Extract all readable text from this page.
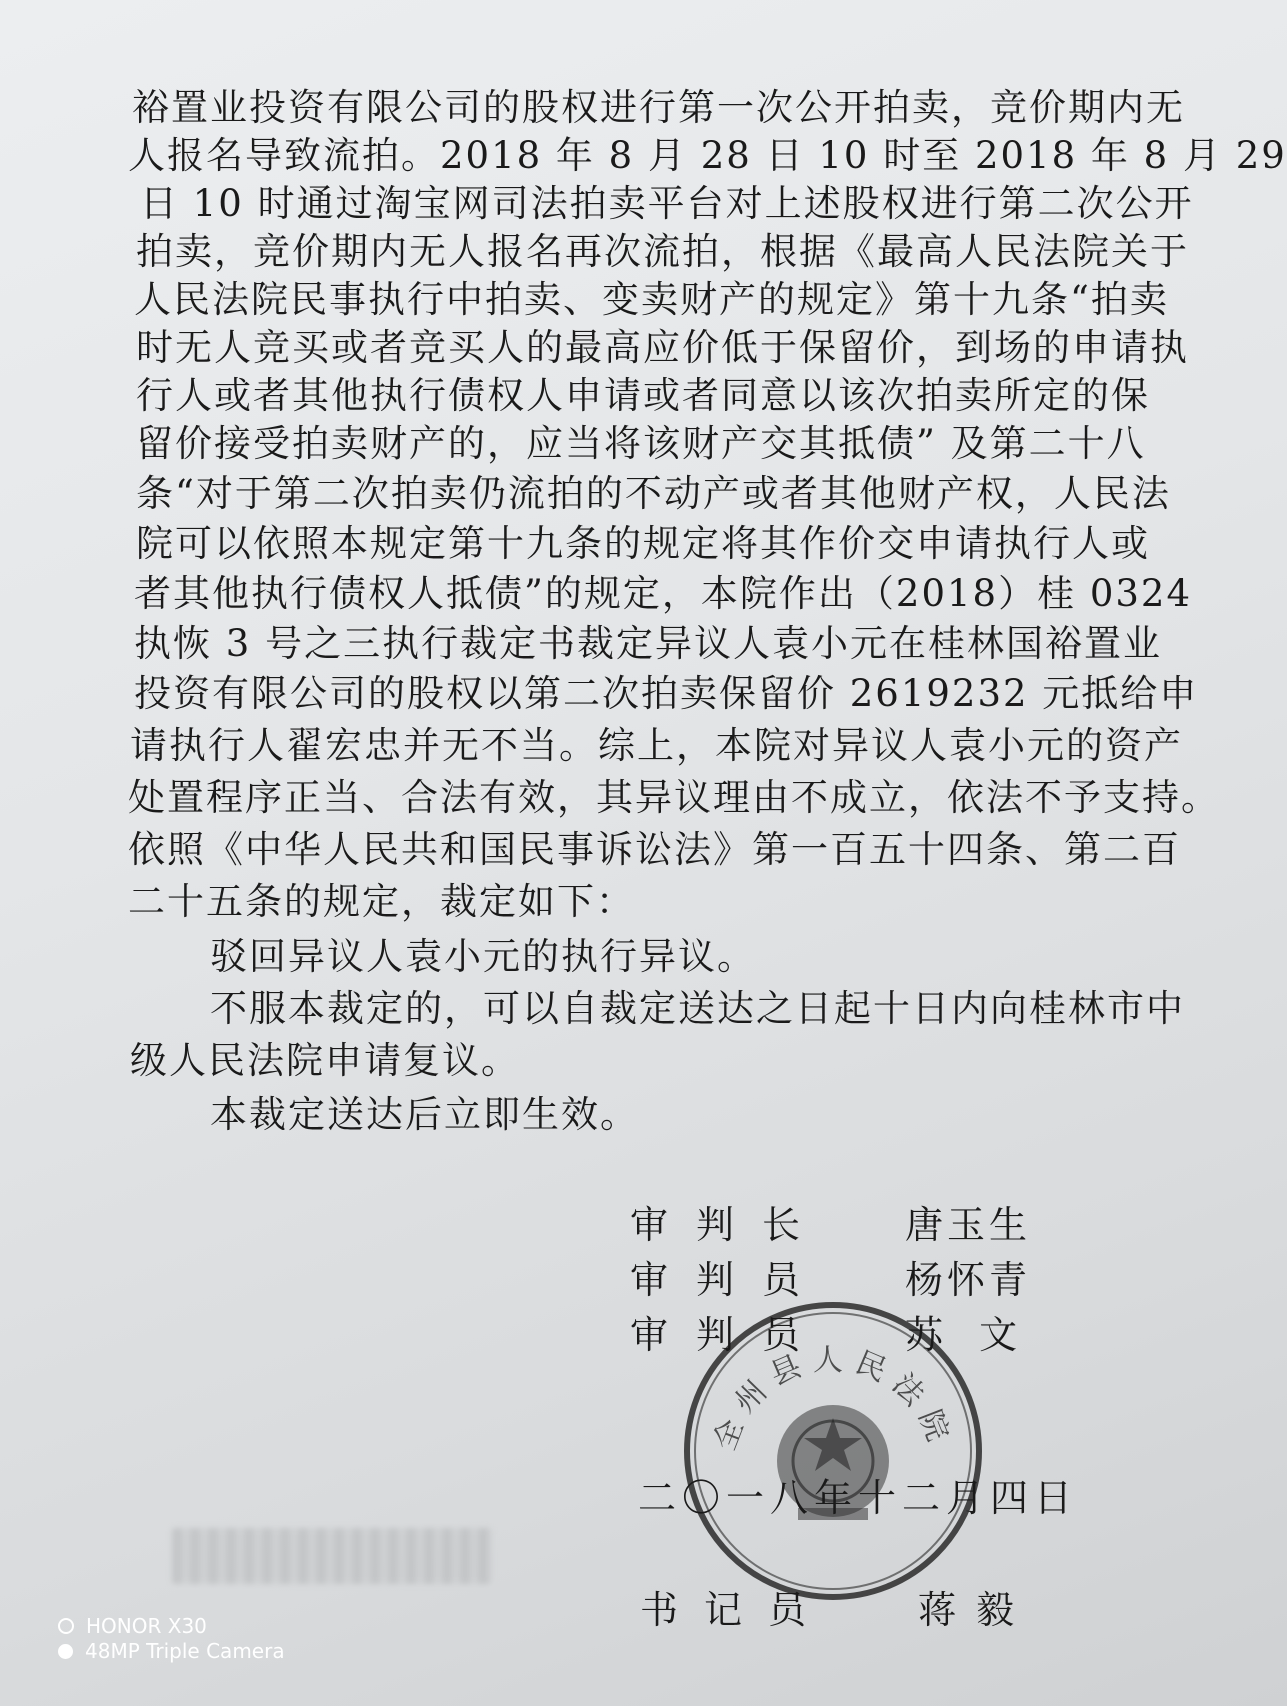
裕置业投资有限公司的股权进行第一次公开拍卖，竞价期内无
人报名导致流拍。2018 年 8 月 28 日 10 时至 2018 年 8 月 29
日 10 时通过淘宝网司法拍卖平台对上述股权进行第二次公开
拍卖，竞价期内无人报名再次流拍，根据《最高人民法院关于
人民法院民事执行中拍卖、变卖财产的规定》第十九条“拍卖
时无人竞买或者竞买人的最高应价低于保留价，到场的申请执
行人或者其他执行债权人申请或者同意以该次拍卖所定的保
留价接受拍卖财产的，应当将该财产交其抵债” 及第二十八
条“对于第二次拍卖仍流拍的不动产或者其他财产权，人民法
院可以依照本规定第十九条的规定将其作价交申请执行人或
者其他执行债权人抵债”的规定，本院作出（2018）桂 0324
执恢 3 号之三执行裁定书裁定异议人袁小元在桂林国裕置业
投资有限公司的股权以第二次拍卖保留价 2619232 元抵给申
请执行人翟宏忠并无不当。综上，本院对异议人袁小元的资产
处置程序正当、合法有效，其异议理由不成立，依法不予支持。
依照《中华人民共和国民事诉讼法》第一百五十四条、第二百
二十五条的规定，裁定如下：
驳回异议人袁小元的执行异议。
不服本裁定的，可以自裁定送达之日起十日内向桂林市中
级人民法院申请复议。
本裁定送达后立即生效。
全州县人民法院
审判长 唐玉生
审判员 杨怀青
审判员 苏  文
二〇一八年十二月四日
书记员 蒋毅
HONOR X30
48MP Triple Camera
